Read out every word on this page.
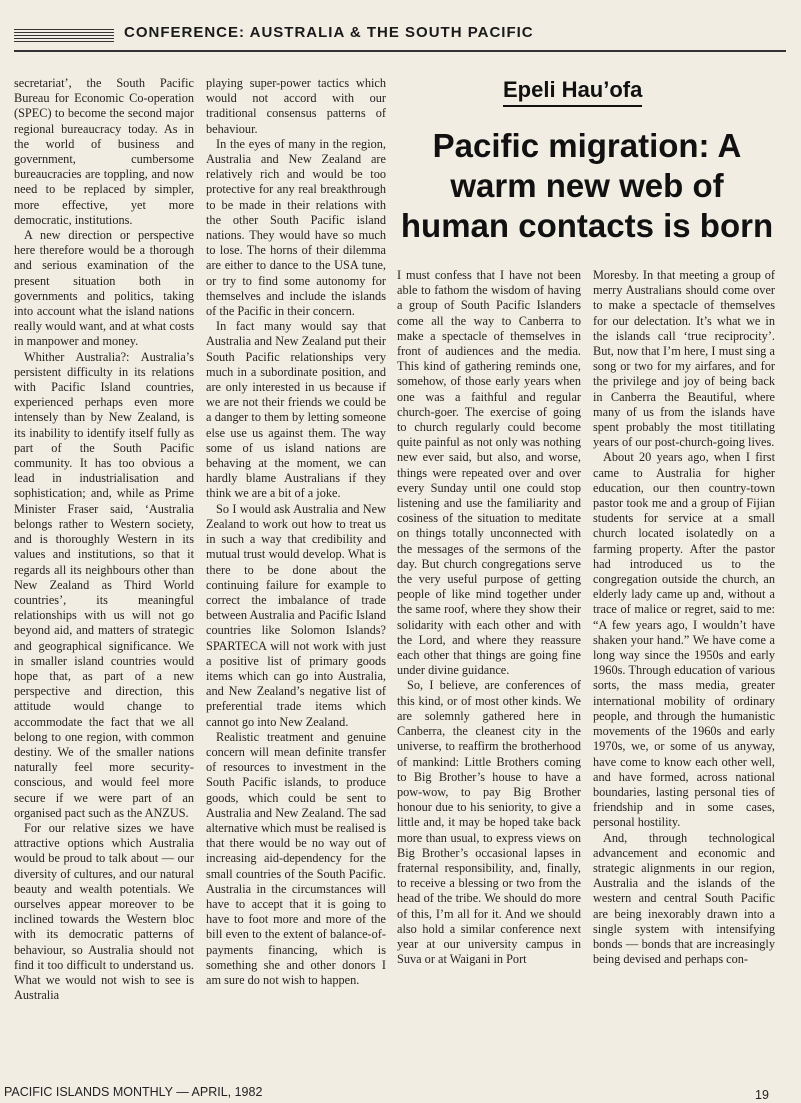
CONFERENCE: AUSTRALIA & THE SOUTH PACIFIC

secretariat’, the South Pacific Bureau for Economic Co-operation (SPEC) to become the second major regional bureaucracy today. As in the world of business and government, cumbersome bureaucracies are toppling, and now need to be replaced by simpler, more effective, yet more democratic, institutions.

A new direction or perspective here therefore would be a thorough and serious examination of the present situation both in governments and politics, taking into account what the island nations really would want, and at what costs in manpower and money.

Whither Australia?: Australia’s persistent difficulty in its relations with Pacific Island countries, experienced perhaps even more intensely than by New Zealand, is its inability to identify itself fully as part of the South Pacific community. It has too obvious a lead in industrialisation and sophistication; and, while as Prime Minister Fraser said, ‘Australia belongs rather to Western society, and is thoroughly Western in its values and institutions, so that it regards all its neighbours other than New Zealand as Third World countries’, its meaningful relationships with us will not go beyond aid, and matters of strategic and geographical significance. We in smaller island countries would hope that, as part of a new perspective and direction, this attitude would change to accommodate the fact that we all belong to one region, with common destiny. We of the smaller nations naturally feel more security-conscious, and would feel more secure if we were part of an organised pact such as the ANZUS.

For our relative sizes we have attractive options which Australia would be proud to talk about — our diversity of cultures, and our natural beauty and wealth potentials. We ourselves appear moreover to be inclined towards the Western bloc with its democratic patterns of behaviour, so Australia should not find it too difficult to understand us. What we would not wish to see is Australia

playing super-power tactics which would not accord with our traditional consensus patterns of behaviour.

In the eyes of many in the region, Australia and New Zealand are relatively rich and would be too protective for any real breakthrough to be made in their relations with the other South Pacific island nations. They would have so much to lose. The horns of their dilemma are either to dance to the USA tune, or try to find some autonomy for themselves and include the islands of the Pacific in their concern.

In fact many would say that Australia and New Zealand put their South Pacific relationships very much in a subordinate position, and are only interested in us because if we are not their friends we could be a danger to them by letting someone else use us against them. The way some of us island nations are behaving at the moment, we can hardly blame Australians if they think we are a bit of a joke.

So I would ask Australia and New Zealand to work out how to treat us in such a way that credibility and mutual trust would develop. What is there to be done about the continuing failure for example to correct the imbalance of trade between Australia and Pacific Island countries like Solomon Islands? SPARTECA will not work with just a positive list of primary goods items which can go into Australia, and New Zealand’s negative list of preferential trade items which cannot go into New Zealand.

Realistic treatment and genuine concern will mean definite transfer of resources to investment in the South Pacific islands, to produce goods, which could be sent to Australia and New Zealand. The sad alternative which must be realised is that there would be no way out of increasing aid-dependency for the small countries of the South Pacific. Australia in the circumstances will have to accept that it is going to have to foot more and more of the bill even to the extent of balance-of-payments financing, which is something she and other donors I am sure do not wish to happen.

Epeli Hau’ofa
Pacific migration: A warm new web of human contacts is born

I must confess that I have not been able to fathom the wisdom of having a group of South Pacific Islanders come all the way to Canberra to make a spectacle of themselves in front of audiences and the media. This kind of gathering reminds one, somehow, of those early years when one was a faithful and regular church-goer. The exercise of going to church regularly could become quite painful as not only was nothing new ever said, but also, and worse, things were repeated over and over every Sunday until one could stop listening and use the familiarity and cosiness of the situation to meditate on things totally unconnected with the messages of the sermons of the day. But church congregations serve the very useful purpose of getting people of like mind together under the same roof, where they show their solidarity with each other and with the Lord, and where they reassure each other that things are going fine under divine guidance.

So, I believe, are conferences of this kind, or of most other kinds. We are solemnly gathered here in Canberra, the cleanest city in the universe, to reaffirm the brotherhood of mankind: Little Brothers coming to Big Brother’s house to have a pow-wow, to pay Big Brother honour due to his seniority, to give a little and, it may be hoped take back more than usual, to express views on Big Brother’s occasional lapses in fraternal responsibility, and, finally, to receive a blessing or two from the head of the tribe. We should do more of this, I’m all for it. And we should also hold a similar conference next year at our university campus in Suva or at Waigani in Port

Moresby. In that meeting a group of merry Australians should come over to make a spectacle of themselves for our delectation. It’s what we in the islands call ‘true reciprocity’. But, now that I’m here, I must sing a song or two for my airfares, and for the privilege and joy of being back in Canberra the Beautiful, where many of us from the islands have spent probably the most titillating years of our post-church-going lives.

About 20 years ago, when I first came to Australia for higher education, our then country-town pastor took me and a group of Fijian students for service at a small church located isolatedly on a farming property. After the pastor had introduced us to the congregation outside the church, an elderly lady came up and, without a trace of malice or regret, said to me: “A few years ago, I wouldn’t have shaken your hand.” We have come a long way since the 1950s and early 1960s. Through education of various sorts, the mass media, greater international mobility of ordinary people, and through the humanistic movements of the 1960s and early 1970s, we, or some of us anyway, have come to know each other well, and have formed, across national boundaries, lasting personal ties of friendship and in some cases, personal hostility.

And, through technological advancement and economic and strategic alignments in our region, Australia and the islands of the western and central South Pacific are being inexorably drawn into a single system with intensifying bonds — bonds that are increasingly being devised and perhaps con-

PACIFIC ISLANDS MONTHLY — APRIL, 1982	19
